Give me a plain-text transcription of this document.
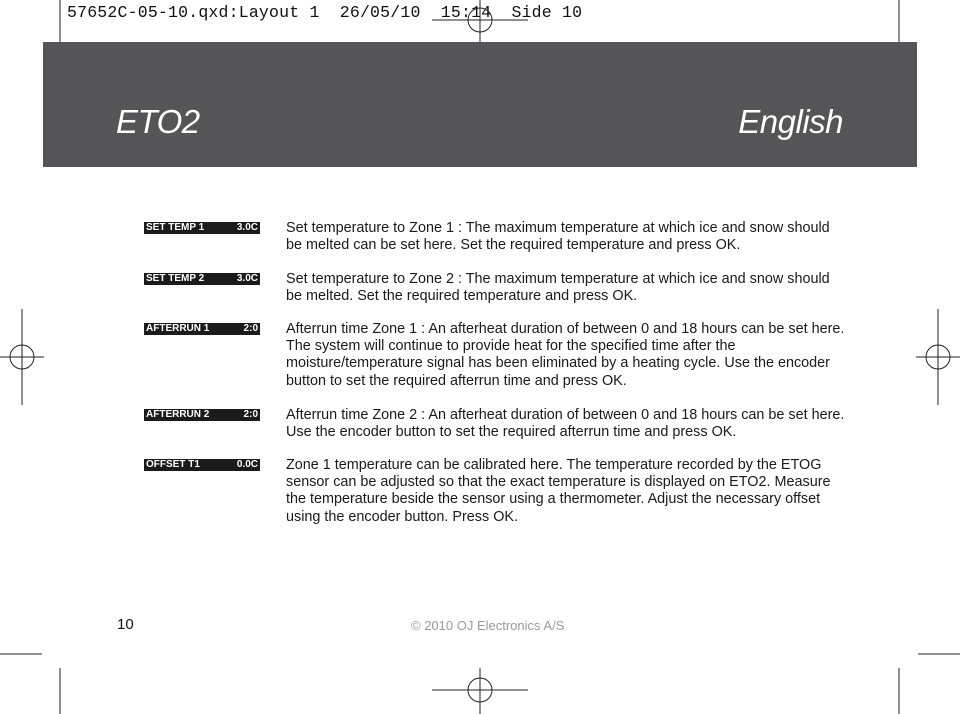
57652C-05-10.qxd:Layout 1  26/05/10  15:14  Side 10
ETO2	English
SET TEMP 1	3.0C Set temperature to Zone 1 : The maximum temperature at which ice and snow should be melted can be set here. Set the required temperature and press OK.
SET TEMP 2	3.0C Set temperature to Zone 2 : The maximum temperature at which ice and snow should be melted. Set the required temperature and press OK.
AFTERRUN 1	2:0 Afterrun time Zone 1 : An afterheat duration of between 0 and 18 hours can be set here. The system will continue to provide heat for the specified time after the moisture/temperature signal has been eliminated by a heating cycle. Use the encoder button to set the required afterrun time and press OK.
AFTERRUN 2	2:0 Afterrun time Zone 2 : An afterheat duration of between 0 and 18 hours can be set here. Use the encoder button to set the required afterrun time and press OK.
OFFSET T1	0.0C Zone 1 temperature can be calibrated here. The temperature recorded by the ETOG sensor can be adjusted so that the exact temperature is displayed on ETO2. Measure the temperature beside the sensor using a thermometer. Adjust the necessary offset using the encoder button. Press OK.
10	© 2010 OJ Electronics A/S
